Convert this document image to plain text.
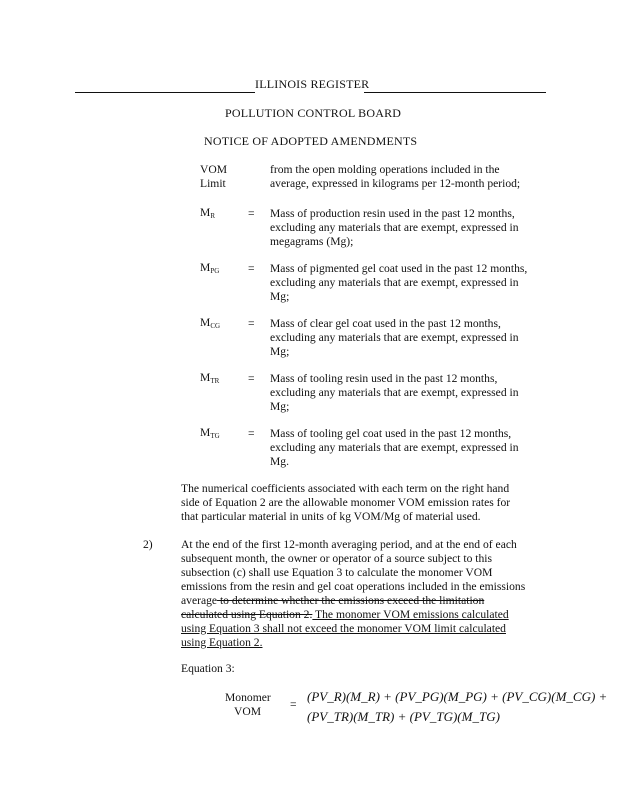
ILLINOIS REGISTER
POLLUTION CONTROL BOARD
NOTICE OF ADOPTED AMENDMENTS
VOM
Limit
from the open molding operations included in the
average, expressed in kilograms per 12-month period;
$M_R$	= Mass of production resin used in the past 12 months,
excluding any materials that are exempt, expressed in
megagrams (Mg);
$M_{PG}$ = Mass of pigmented gel coat used in the past 12 months,
excluding any materials that are exempt, expressed in
Mg;
$M_{CG}$ = Mass of clear gel coat used in the past 12 months,
excluding any materials that are exempt, expressed in
Mg;
$M_{TR}$ = Mass of tooling resin used in the past 12 months,
excluding any materials that are exempt, expressed in
Mg;
$M_{TG}$ = Mass of tooling gel coat used in the past 12 months,
excluding any materials that are exempt, expressed in
Mg.
The numerical coefficients associated with each term on the right hand
side of Equation 2 are the allowable monomer VOM emission rates for
that particular material in units of kg VOM/Mg of material used.
2) At the end of the first 12-month averaging period, and at the end of each
subsequent month, the owner or operator of a source subject to this
subsection (c) shall use Equation 3 to calculate the monomer VOM
emissions from the resin and gel coat operations included in the emissions
average to determine whether the emissions exceed the limitation
calculated using Equation 2. The monomer VOM emissions calculated
using Equation 3 shall not exceed the monomer VOM limit calculated
using Equation 2.
Equation 3:
Monomer
VOM
=
(PV_R)(M_R) + (PV_PG)(M_PG) + (PV_CG)(M_CG) +
(PV_TR)(M_TR) + (PV_TG)(M_TG)
